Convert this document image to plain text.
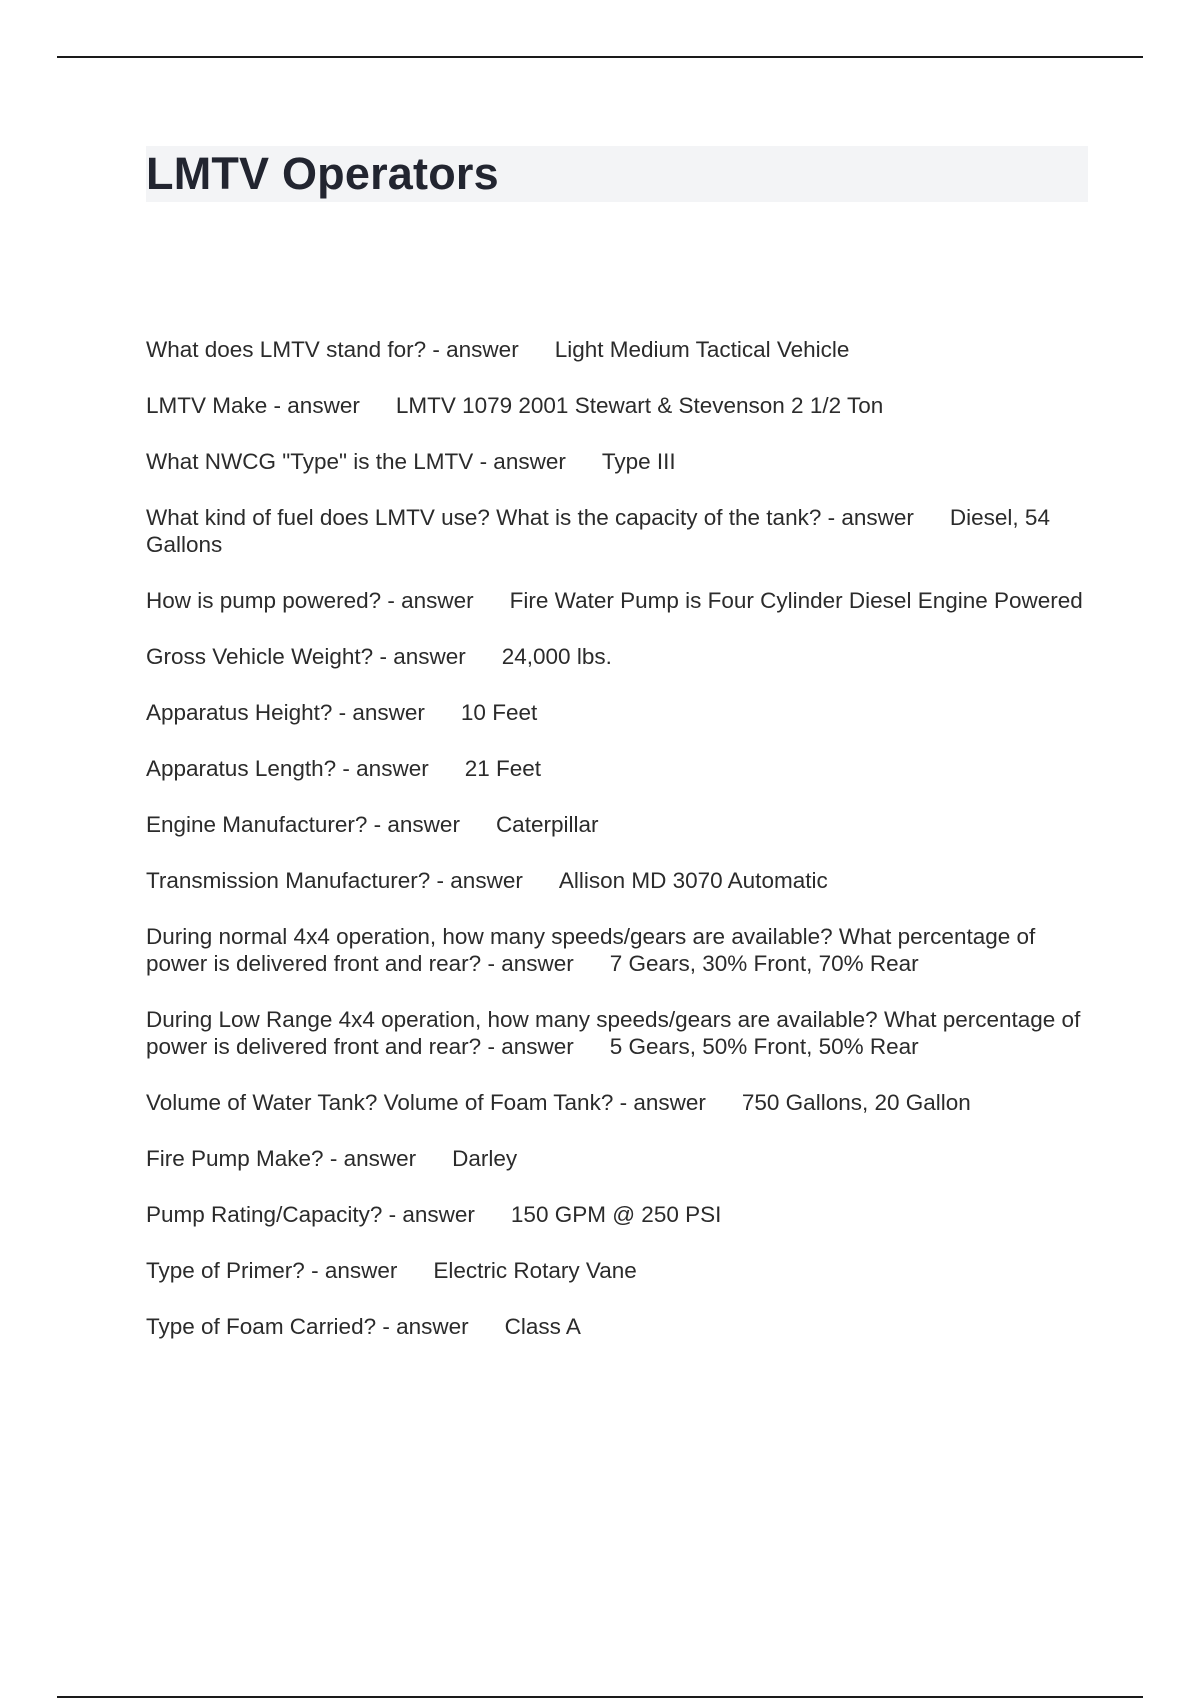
LMTV Operators
What does LMTV stand for? - answer Light Medium Tactical Vehicle
LMTV Make - answer LMTV 1079 2001 Stewart & Stevenson 2 1/2 Ton
What NWCG "Type" is the LMTV - answer Type III
What kind of fuel does LMTV use? What is the capacity of the tank? - answer Diesel, 54 Gallons
How is pump powered? - answer Fire Water Pump is Four Cylinder Diesel Engine Powered
Gross Vehicle Weight? - answer 24,000 lbs.
Apparatus Height? - answer 10 Feet
Apparatus Length? - answer 21 Feet
Engine Manufacturer? - answer Caterpillar
Transmission Manufacturer? - answer Allison MD 3070 Automatic
During normal 4x4 operation, how many speeds/gears are available? What percentage of power is delivered front and rear? - answer 7 Gears, 30% Front, 70% Rear
During Low Range 4x4 operation, how many speeds/gears are available? What percentage of power is delivered front and rear? - answer 5 Gears, 50% Front, 50% Rear
Volume of Water Tank? Volume of Foam Tank? - answer 750 Gallons, 20 Gallon
Fire Pump Make? - answer Darley
Pump Rating/Capacity? - answer 150 GPM @ 250 PSI
Type of Primer? - answer Electric Rotary Vane
Type of Foam Carried? - answer Class A
